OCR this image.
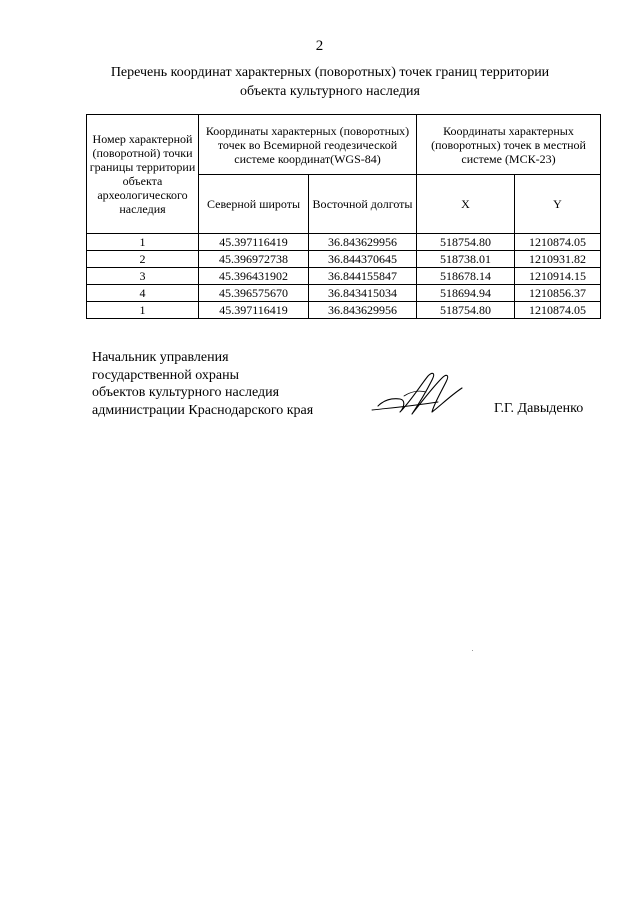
2
Перечень координат характерных (поворотных) точек границ территории
объекта культурного наследия
Номер характерной (поворотной) точки границы территории объекта археологического наследия	Координаты характерных (поворотных) точек во Всемирной геодезической системе координат(WGS-84)		Координаты характерных (поворотных) точек в местной системе (МСК-23)	
	Северной широты	Восточной долготы	X	Y
1	45.397116419	36.843629956	518754.80	1210874.05
2	45.396972738	36.844370645	518738.01	1210931.82
3	45.396431902	36.844155847	518678.14	1210914.15
4	45.396575670	36.843415034	518694.94	1210856.37
1	45.397116419	36.843629956	518754.80	1210874.05
Начальник управления
государственной охраны
объектов культурного наследия
администрации Краснодарского края	Г.Г. Давыденко
